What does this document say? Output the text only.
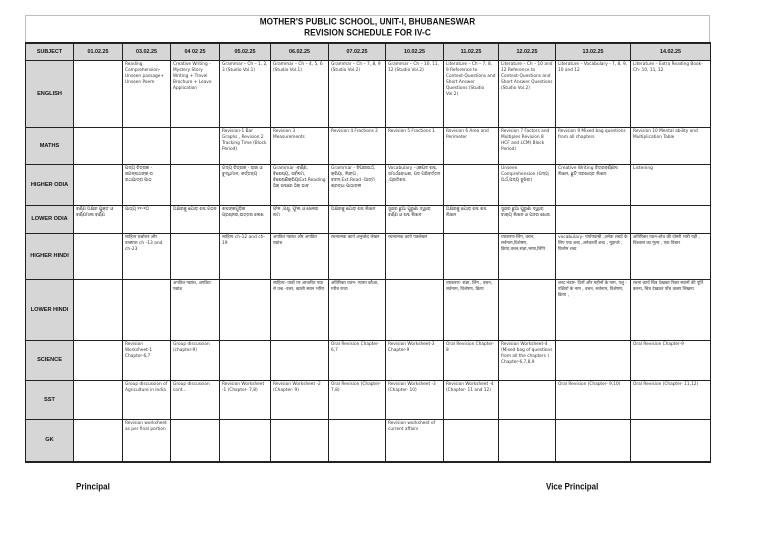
MOTHER'S PUBLIC SCHOOL, UNIT-I, BHUBANESWAR
REVISION SCHEDULE FOR IV-C
SUBJECT	01.02.25	03.02.25	04 02 25	05.02.25	06.02.25	07.02.25	10.02.25	11.02.25	12.02.25	13.02.25	14.02.25
ENGLISH		Reading Comprehension-Unseen passage+ Unseen Poem	Creative Writing - Mystery Story Writing + Travel Brochure + Leave Application	Grammar – Ch – 1, 2, 3 (Studio Vol.1)	Grammar – Ch – 4, 5, 6 (Studio Vol.1)	Grammar – Ch – 7, 8, 9 (Studio Vol.2)	Grammar – Ch – 10, 11, 12 (Studio Vol.2)	Literature – Ch – 7, 8, 9 Reference to Context-Questions and Short Answer Questions (Studio Vol.2)	Literature – Ch – 10 and 12 Reference to Context-Questions and Short Answer Questions (Studio Vol.2)	Literature – Vocabulary - 7, 8, 9, 10 and 12	Literature – Extra Reading Book-Ch- 10, 11, 12
MATHS				Revision-1 Bar Graphs , Revision 2 Tracking Time (Block Period)	Revision 3 Measurements	Revision 4 Fractions 2	Revision 5 Fractions 1	Revision 6 Area and Perimeter	Revision 7 Factors and Multiples Revision 8 HCF and LCM( Block Period)	Revision 9 Mixed bag questions from all chapters	Revision 10 Mental ability and Multiplication Table
HIGHER ODIA		ପଦ୍ୟ ଚିତ୍ରକ - ଜଗନ୍ନାଥଙ୍କ ର ରଥଯାତ୍ରା ପାଠ		ଗଦ୍ୟ ଚିତ୍ରକ - ରାଜା ଓ ବୁଦ୍ଧିମାନ, କର୍ତ୍ତବ୍ୟ	Grammar -ବର୍ଣ୍ଣ, ବିଶେଷ୍ୟ, ସର୍ବନାମ, ବିଶେଷଣିକ୍ରିୟାExt.Reading ଠିକ୍ ଶବ୍ଦରେ ଠିକ୍ ଭାବ	Grammar - ବିପରୀତାର୍ଥ, କ୍ରିୟା, ଲିଙ୍ଗ , ବଚନ,Ext.Read -ଆତ୍ମ ଶ୍ରଦ୍ଧା ପାଠାବଳୀ	Vocabulary -ଏକପଦ ଶବ୍ଦ, ସମାର୍ଥବୋଧକ, ପଦ ପରିବର୍ତ୍ତନ ,ପ୍ରତିଶବ୍ଦ		Unseen Comprehension (ଗଦ୍ୟ ଅର୍ଥ,ପଦ୍ୟ ବୁଝିବା)	Creative Writing ଚିତ୍ରବର୍ଣ୍ଣନା ଲିଖନ, ଛୁଟି ଦରଖାସ୍ତ ଲିଖନ	Listening
LOWER ODIA	ବର୍ଣ୍ଣ ଅକ୍ଷର ଯୁକ୍ତ ଓ ବର୍ଣ୍ଣମାଳା ବର୍ଣ୍ଣ	ପାଠ୍ୟ ୧୧-୧୦	ଅକ୍ଷରକୁ ଯୋଡ଼ ଶବ୍ଦ ଗଠନ	ଶବ୍ଦଙ୍କଗୁଡ଼ିକ ପ୍ରଶ୍ନର,ଉତ୍ତର ଲେଖ	ଫଳ ,ପଶୁ, ଫୁଲ ଓ ଖେଳର ନାମ	ଅକ୍ଷରକୁ ଯୋଡ଼ ଶବ୍ଦ ଲିଖନ	ସୁନ୍ଦର ଛୁଆ ପୁରୁଣା ଦ୍ୱାରା ବର୍ଣ୍ଣ ଓ ଶବ୍ଦ ଲିଖନ	ଅକ୍ଷରକୁ ଯୋଡ଼ ଶବ୍ଦ ଶବ୍ଦ ଲିଖନ	ସୁନ୍ଦର ଛୁଆ ପୁରୁଣା ଦ୍ୱାରା ବାକ୍ୟ ଲିଖନ ଓ ପଦର ଖୋଜ		
HIGHER HINDI		साहित्य प्रश्नोत्तर और वाक्यांश ch -13 and ch-23		साहित्य ch-12 and ch-19	अपठित गद्यांश और अपठित पद्यांश	रचनात्मक कार्य अनुच्छेद लेखन	रचनात्मक कार्य पत्रलेखन		व्याकरण-लिंग, वचन, सर्वनाम,विशेषण, क्रिया,वचन,संज्ञा,भाषा,लिपि	vocabulary- पर्यायवाची ,अनेक शब्दों के लिए एक शब्द ,अनेकार्थी शब्द , मुहावरे , विलोम शब्द	अतिरिक्त पठन-शोध की दोस्ती भारी पड़ी , विश्वास का मूल्य , एक विचार
LOWER HINDI			अपठित गद्यांश, अपठित पद्यांश		साहित्य- पाठों पर आधारित पाठ से प्रश्न -उत्तर, खाली स्थान भरिए	अतिरिक्त पठन- प्यासा कौआ, गरीब राजा		व्याकरण- संज्ञा, लिंग , वचन, सर्वनाम, विशेषण, क्रिया		शब्द भंडार- दिनों और महीनों के नाम, पशु - पक्षियों के नाम , वचन, सर्वनाम, विशेषण, क्रिया ,	रचना कार्य चित्र देखकर रिक्त स्थानों की पूर्ति करना, चित्र देखकर पाँच वाक्य लिखना
SCIENCE		Revision Worksheet-1 Chapter-6,7	Group discussion (chapter-9)			Oral Revision Chapter-6,7	Revision Worksheet-3 Chapter-9	Oral Revision Chapter-8	Revision Worksheet-4 (Mixed bag of questions from all the chapters ) Chapter-6,7,8,9		Oral Revision Chapter-9
SST		Group discussion of Agriculture in India	Group discussion cont...	Revision Worksheet -1 (Chapter- 7,8)	Revision Worksheet -2 (Chapter- 9)	Oral Revision (Chapter- 7,8)	Revision Worksheet -3 (Chapter- 10)	Revision Worksheet -4 (Chapter- 11 and 12)		Oral Revision (Chapter- 9,10)	Oral Revision (Chapter- 11,12)
GK		Revision worksheet as per final portion					Revision worksheet of current affairs				
Principal	Vice Principal
